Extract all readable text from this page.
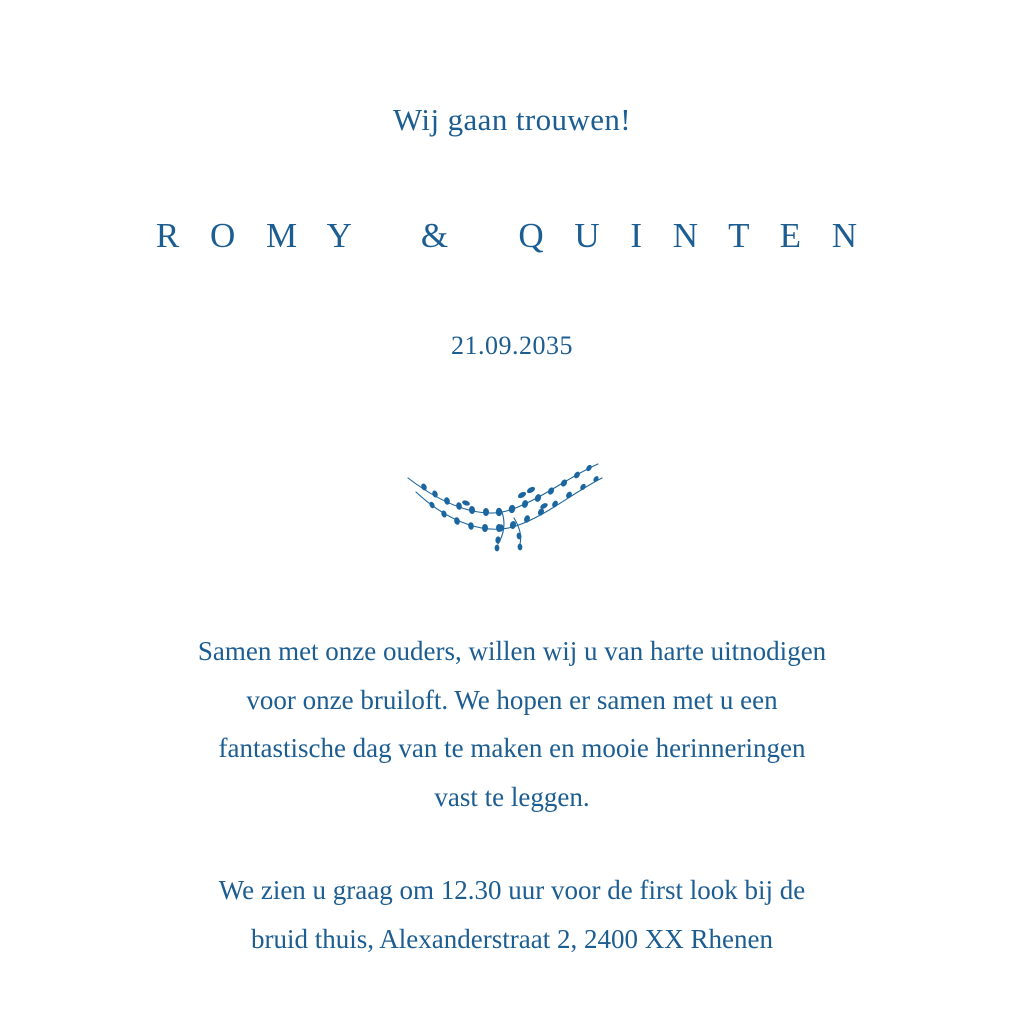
Wij gaan trouwen!
R O M Y   &   Q U I N T E N
21.09.2035

Samen met onze ouders, willen wij u van harte uitnodigen

voor onze bruiloft. We hopen er samen met u een

fantastische dag van te maken en mooie herinneringen

vast te leggen.

We zien u graag om 12.30 uur voor de first look bij de

bruid thuis, Alexanderstraat 2, 2400 XX Rhenen
